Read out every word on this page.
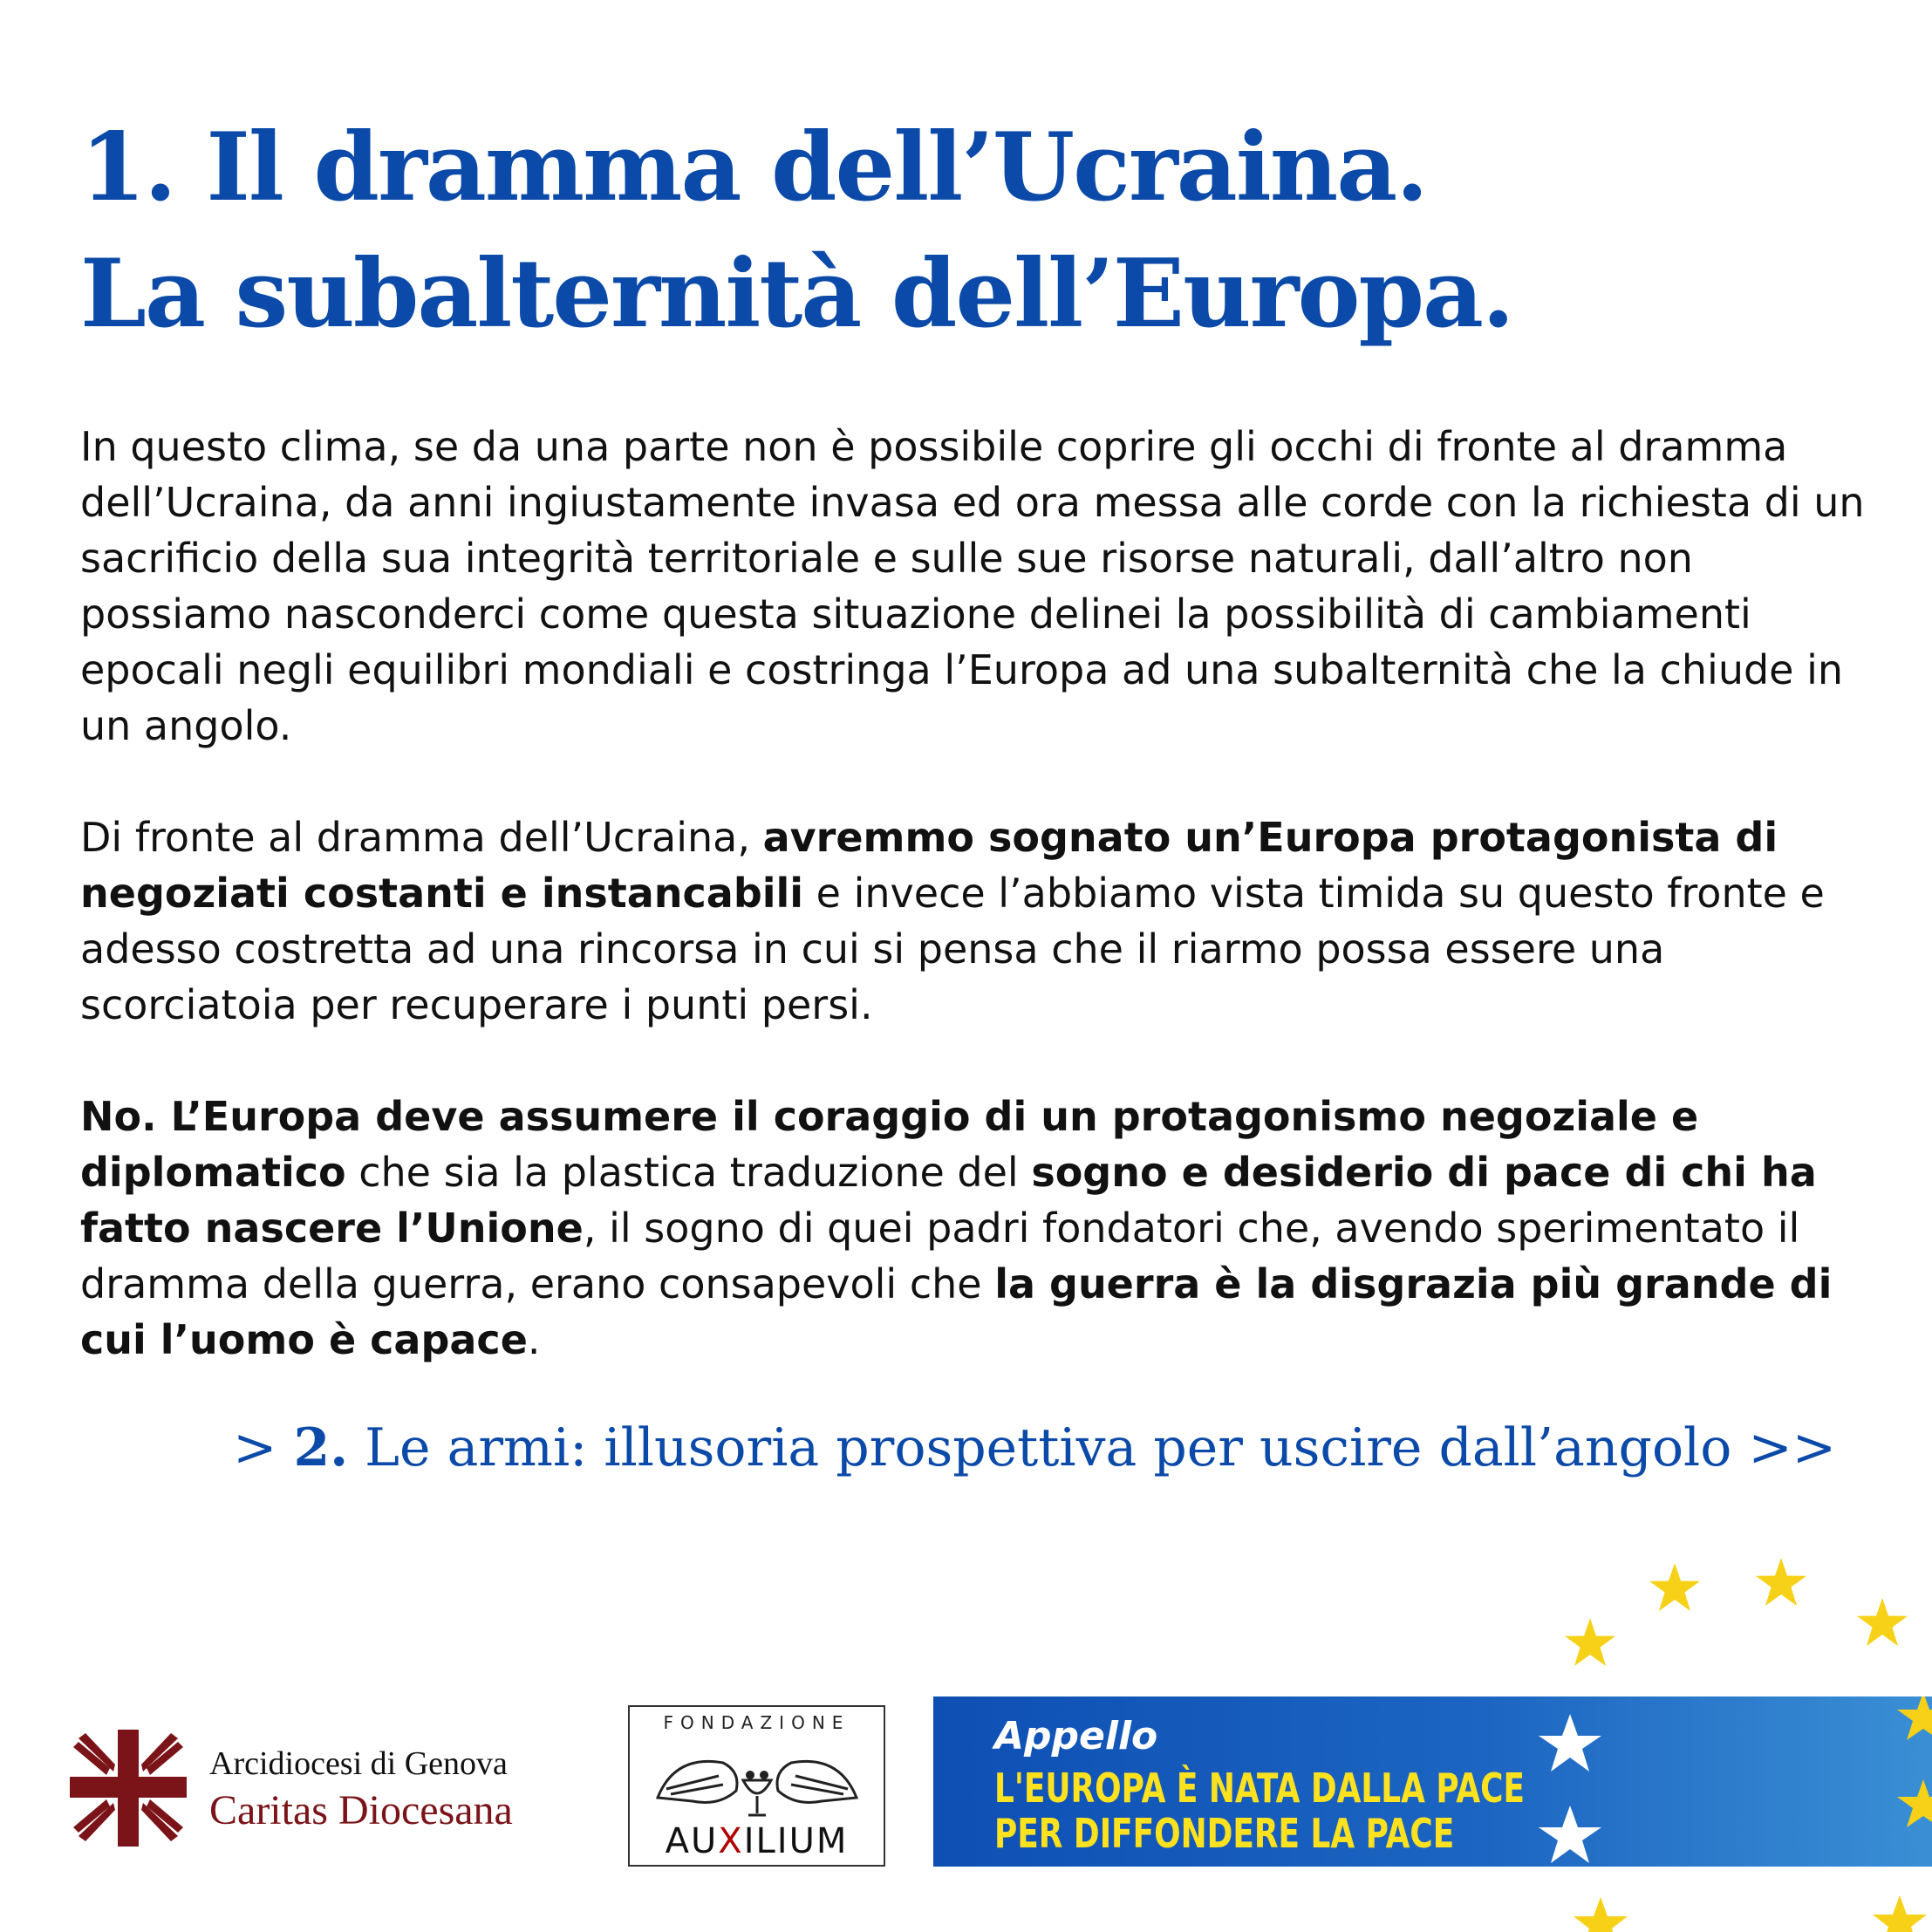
1. Il dramma dell’Ucraina.
La subalternità dell’Europa.

In questo clima, se da una parte non è possibile coprire gli occhi di fronte al dramma dell’Ucraina, da anni ingiustamente invasa ed ora messa alle corde con la richiesta di un sacrificio della sua integrità territoriale e sulle sue risorse naturali, dall’altro non possiamo nasconderci come questa situazione delinei la possibilità di cambiamenti epocali negli equilibri mondiali e costringa l’Europa ad una subalternità che la chiude in un angolo.

Di fronte al dramma dell’Ucraina, avremmo sognato un’Europa protagonista di negoziati costanti e instancabili e invece l’abbiamo vista timida su questo fronte e adesso costretta ad una rincorsa in cui si pensa che il riarmo possa essere una scorciatoia per recuperare i punti persi.

No. L’Europa deve assumere il coraggio di un protagonismo negoziale e diplomatico che sia la plastica traduzione del sogno e desiderio di pace di chi ha fatto nascere l’Unione, il sogno di quei padri fondatori che, avendo sperimentato il dramma della guerra, erano consapevoli che la guerra è la disgrazia più grande di cui l’uomo è capace.

> 2. Le armi: illusoria prospettiva per uscire dall’angolo >>
Arcidiocesi di Genova
Caritas Diocesana
FONDAZIONE
AUXILIUM
Appello
L'EUROPA È NATA DALLA PACE
PER DIFFONDERE LA PACE
